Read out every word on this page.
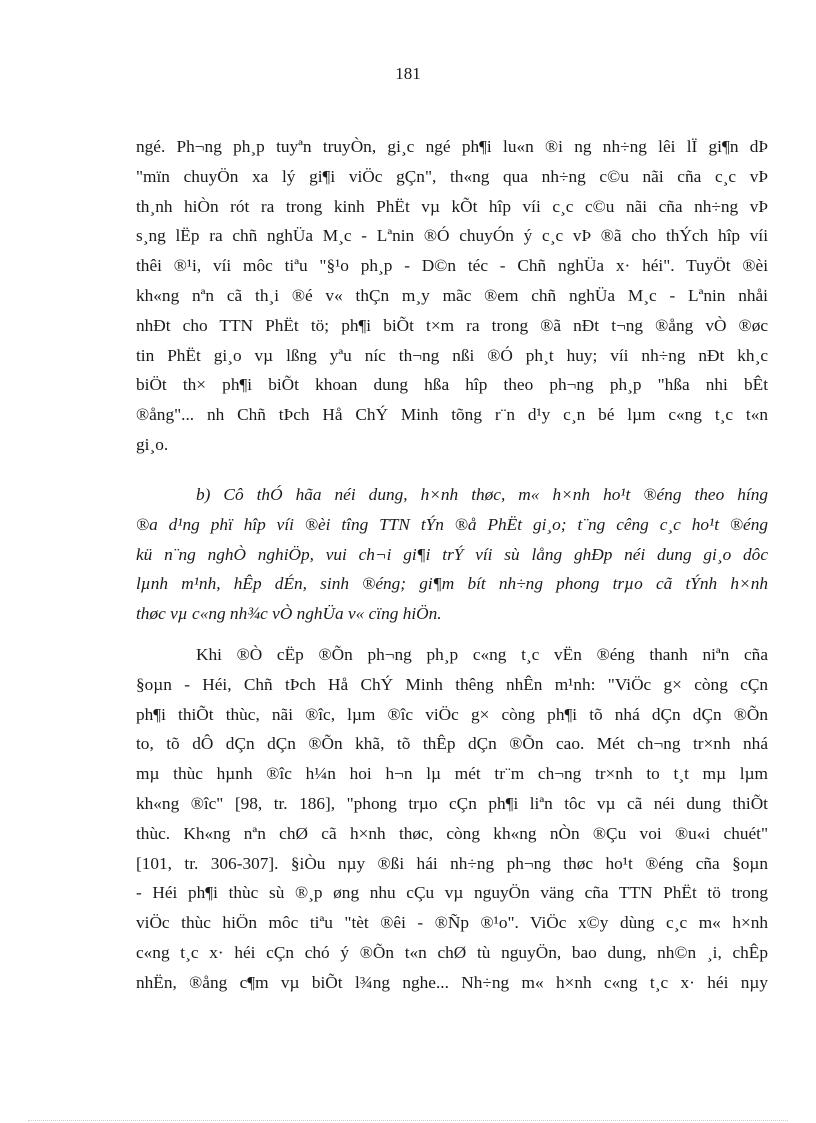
181
ngé. Ph¬ng ph¸p tuyªn truyÒn, gi¸c ngé ph¶i lu«n ®i ng nh÷ng lêi lÏ gi¶n dÞ
"mïn chuyÖn xa lý gi¶i viÖc gÇn", th«ng qua nh÷ng c©u nãi cña c¸c vÞ
th¸nh hiÒn rót ra trong kinh PhËt vµ kÕt hîp víi c¸c c©u nãi cña nh÷ng vÞ
s¸ng lËp ra chñ nghÜa M¸c - Lªnin ®Ó chuyÓn ý c¸c vÞ ®ã cho thÝch hîp víi
thêi ®¹i, víi môc tiªu "§¹o ph¸p - D©n téc - Chñ nghÜa x· héi". TuyÖt ®èi
kh«ng nªn cã th¸i ®é v« thÇn m¸y mãc ®em chñ nghÜa M¸c - Lªnin nhåi
nhÐt cho TTN PhËt tö; ph¶i biÕt t×m ra trong ®ã nÐt t¬ng ®ång vÒ ®øc
tin PhËt gi¸o vµ lßng yªu níc th¬ng nßi ®Ó ph¸t huy; víi nh÷ng nÐt kh¸c
biÖt th× ph¶i biÕt khoan dung hßa hîp theo ph¬ng ph¸p "hßa nhi bÊt
®ång"... nh Chñ tÞch Hå ChÝ Minh tõng r¨n d¹y c¸n bé lµm c«ng t¸c t«n
gi¸o.
b) Cô thÓ hãa néi dung, h×nh thøc, m« h×nh ho¹t ®éng theo híng
®a d¹ng phï hîp víi ®èi tîng TTN tÝn ®å PhËt gi¸o; t¨ng cêng c¸c ho¹t ®éng
kü n¨ng nghÒ nghiÖp, vui ch¬i gi¶i trÝ víi sù lång ghÐp néi dung gi¸o dôc
lµnh m¹nh, hÊp dÉn, sinh ®éng; gi¶m bít nh÷ng phong trµo cã tÝnh h×nh
thøc vµ c«ng nh¾c vÒ nghÜa v« cïng hiÖn.
Khi ®Ò cËp ®Õn ph¬ng ph¸p c«ng t¸c vËn ®éng thanh niªn cña
§oµn - Héi, Chñ tÞch Hå ChÝ Minh thêng nhÊn m¹nh: "ViÖc g× còng cÇn
ph¶i thiÕt thùc, nãi ®îc, lµm ®îc viÖc g× còng ph¶i tõ nhá dÇn dÇn ®Õn
to, tõ dÔ dÇn dÇn ®Õn khã, tõ thÊp dÇn ®Õn cao. Mét ch¬ng tr×nh nhá
mµ thùc hµnh ®îc h¼n hoi h¬n lµ mét tr¨m ch¬ng tr×nh to t¸t mµ lµm
kh«ng ®îc" [98, tr. 186], "phong trµo cÇn ph¶i liªn tôc vµ cã néi dung thiÕt
thùc. Kh«ng nªn chØ cã h×nh thøc, còng kh«ng nÒn ®Çu voi ®u«i chuét"
[101, tr. 306-307]. §iÒu nµy ®ßi hái nh÷ng ph¬ng thøc ho¹t ®éng cña §oµn
- Héi ph¶i thùc sù ®¸p øng nhu cÇu vµ nguyÖn väng cña TTN PhËt tö trong
viÖc thùc hiÖn môc tiªu "tèt ®êi - ®Ñp ®¹o". ViÖc x©y dùng c¸c m« h×nh
c«ng t¸c x· héi cÇn chó ý ®Õn t«n chØ tù nguyÖn, bao dung, nh©n ¸i, chÊp
nhËn, ®ång c¶m vµ biÕt l¾ng nghe... Nh÷ng m« h×nh c«ng t¸c x· héi nµy
